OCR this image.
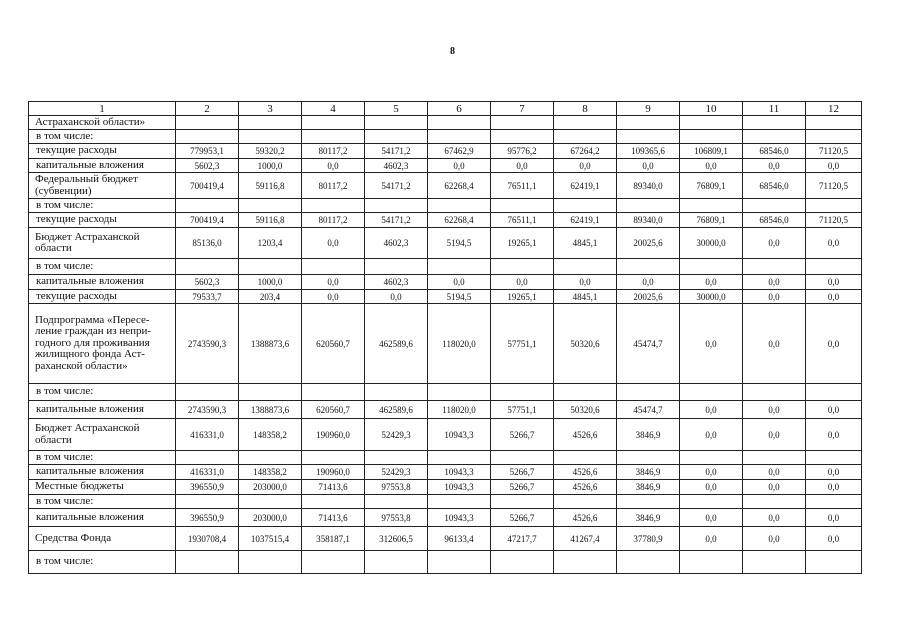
8
1	2	3	4	5	6	7	8	9	10	11	12
Астраханской области»											
в том числе:											
текущие расходы	779953,1	59320,2	80117,2	54171,2	67462,9	95776,2	67264,2	109365,6	106809,1	68546,0	71120,5
капитальные вложения	5602,3	1000,0	0,0	4602,3	0,0	0,0	0,0	0,0	0,0	0,0	0,0
Федеральный бюджет (субвенции)	700419,4	59116,8	80117,2	54171,2	62268,4	76511,1	62419,1	89340,0	76809,1	68546,0	71120,5
в том числе:											
текущие расходы	700419,4	59116,8	80117,2	54171,2	62268,4	76511,1	62419,1	89340,0	76809,1	68546,0	71120,5
Бюджет Астраханской области	85136,0	1203,4	0,0	4602,3	5194,5	19265,1	4845,1	20025,6	30000,0	0,0	0,0
в том числе:											
капитальные вложения	5602,3	1000,0	0,0	4602,3	0,0	0,0	0,0	0,0	0,0	0,0	0,0
текущие расходы	79533,7	203,4	0,0	0,0	5194,5	19265,1	4845,1	20025,6	30000,0	0,0	0,0
Подпрограмма «Пересе-ление граждан из непри-годного для проживания жилищного фонда Аст-раханской области»	2743590,3	1388873,6	620560,7	462589,6	118020,0	57751,1	50320,6	45474,7	0,0	0,0	0,0
в том числе:											
капитальные вложения	2743590,3	1388873,6	620560,7	462589,6	118020,0	57751,1	50320,6	45474,7	0,0	0,0	0,0
Бюджет Астраханской области	416331,0	148358,2	190960,0	52429,3	10943,3	5266,7	4526,6	3846,9	0,0	0,0	0,0
в том числе:											
капитальные вложения	416331,0	148358,2	190960,0	52429,3	10943,3	5266,7	4526,6	3846,9	0,0	0,0	0,0
Местные бюджеты	396550,9	203000,0	71413,6	97553,8	10943,3	5266,7	4526,6	3846,9	0,0	0,0	0,0
в том числе:											
капитальные вложения	396550,9	203000,0	71413,6	97553,8	10943,3	5266,7	4526,6	3846,9	0,0	0,0	0,0
Средства Фонда	1930708,4	1037515,4	358187,1	312606,5	96133,4	47217,7	41267,4	37780,9	0,0	0,0	0,0
в том числе:											
